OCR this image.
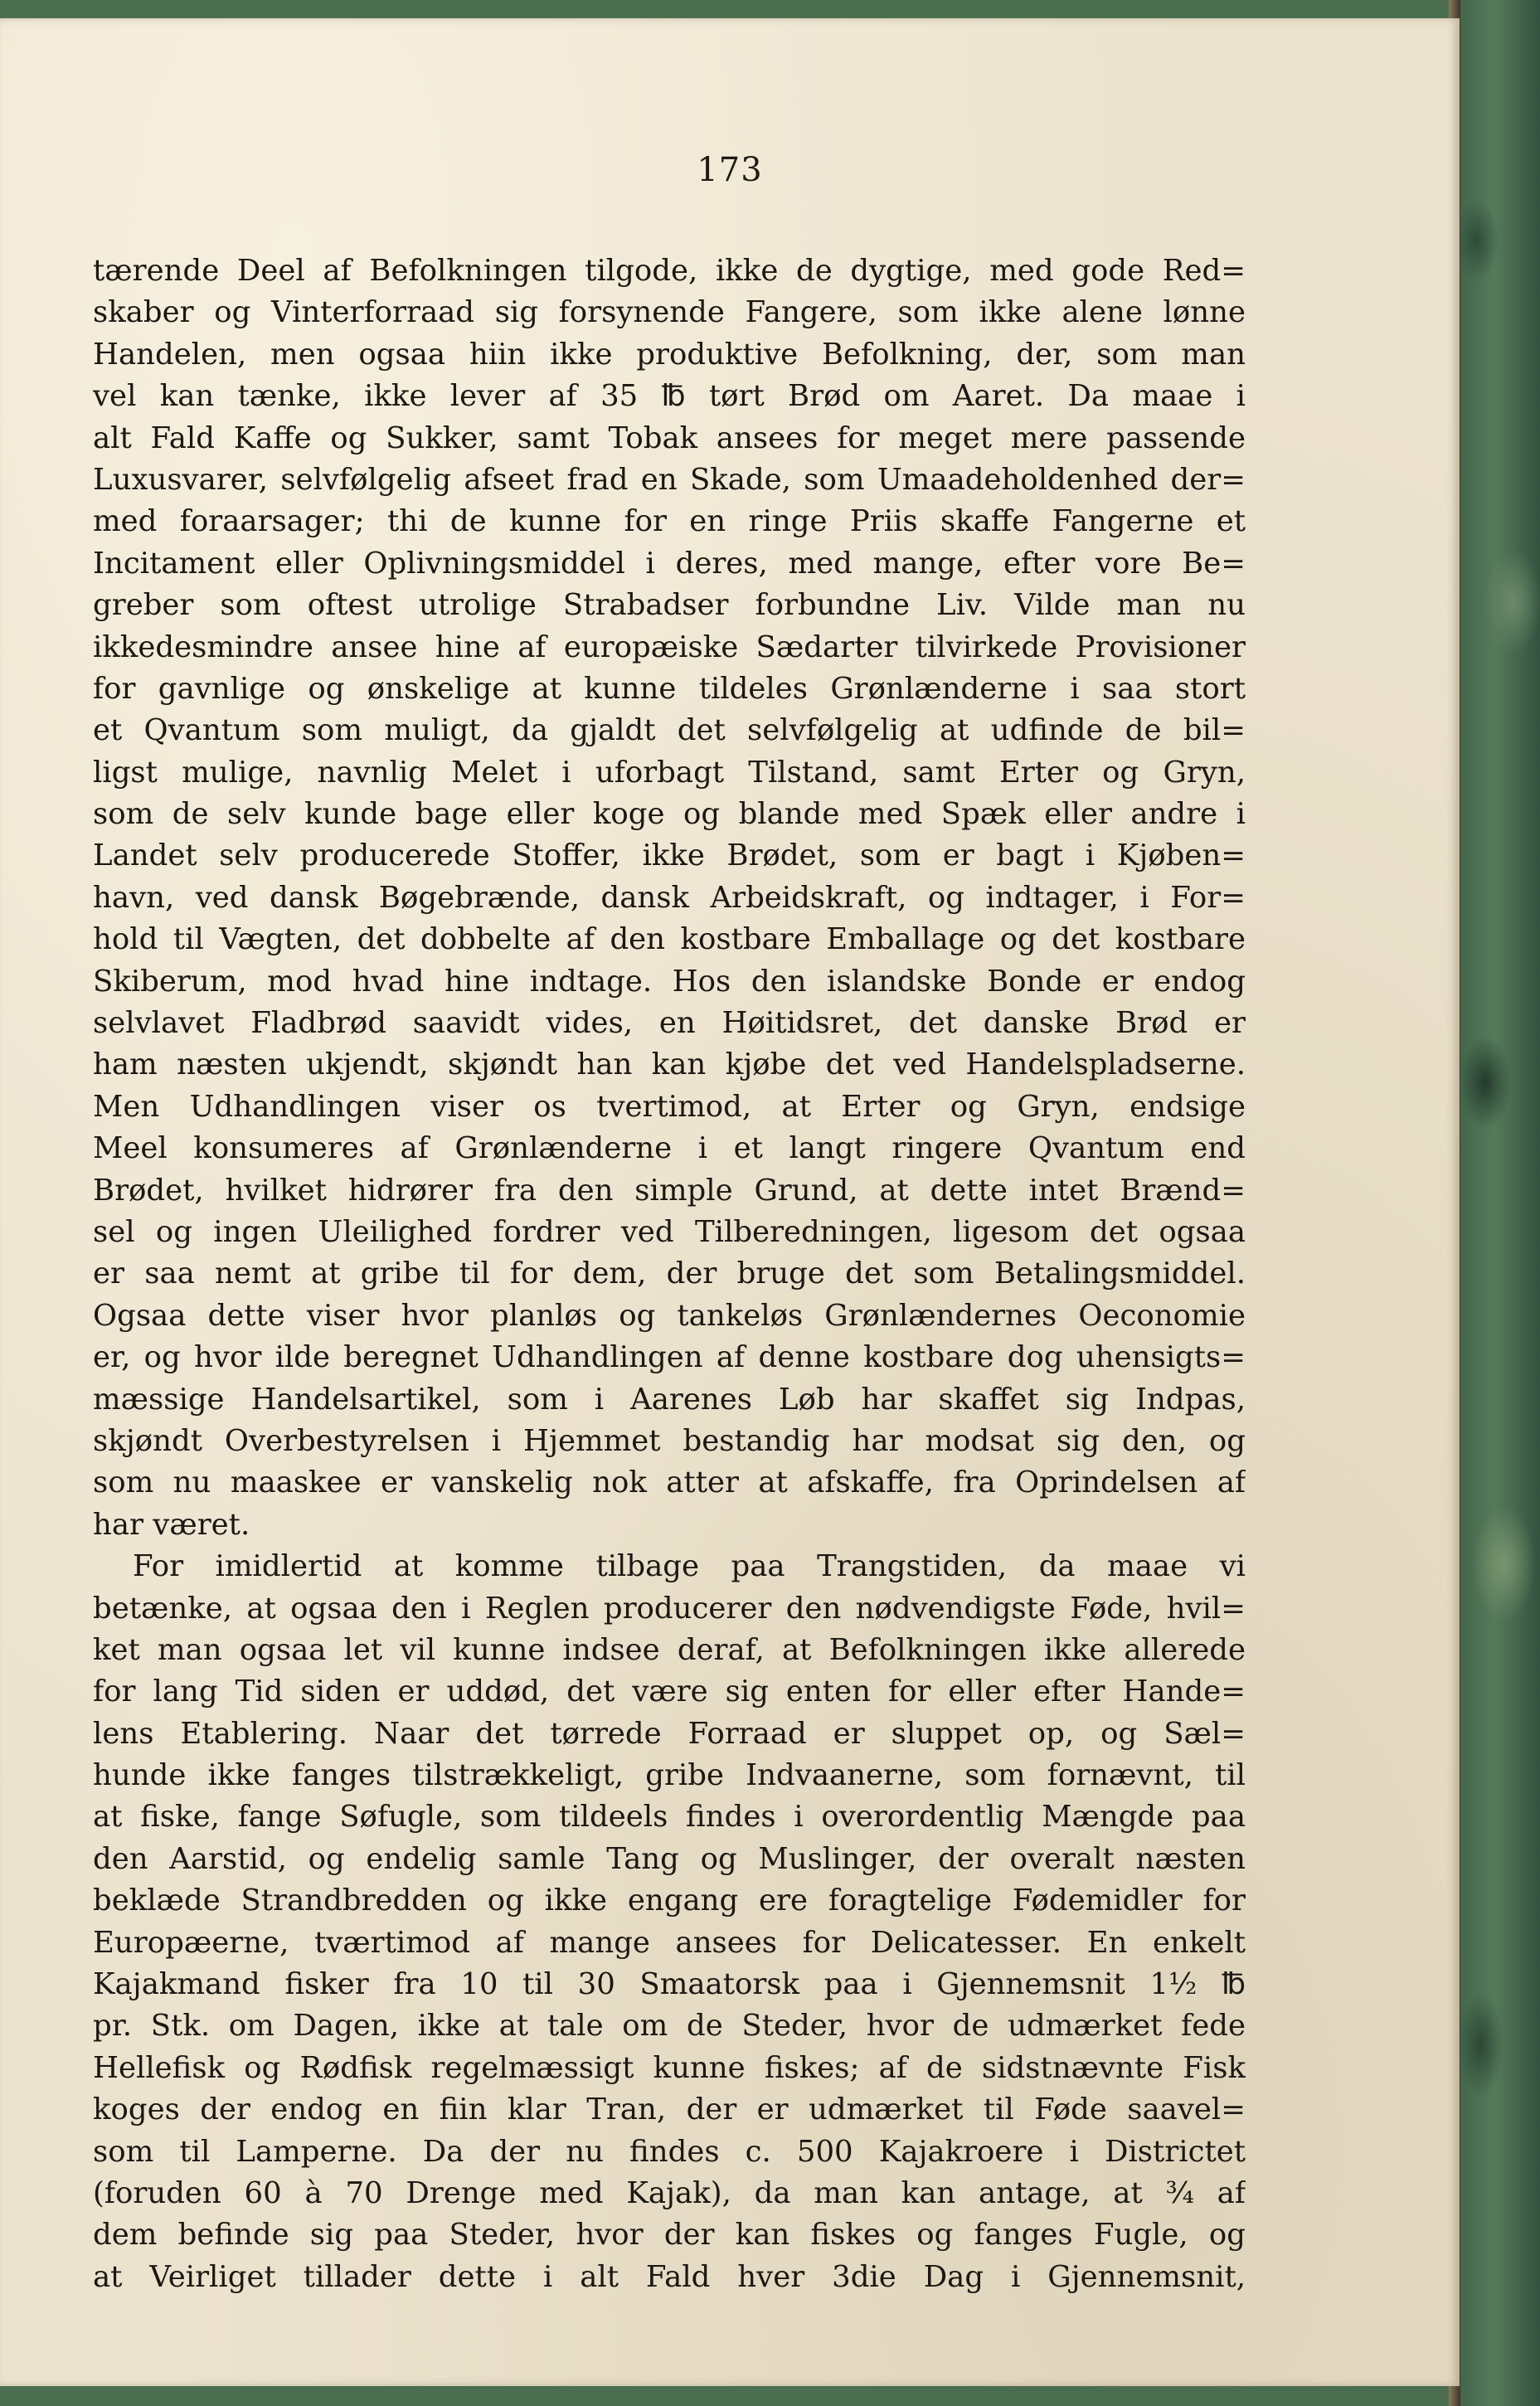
173
tærende Deel af Befolkningen tilgode, ikke de dygtige, med gode Red=
skaber og Vinterforraad sig forsynende Fangere, som ikke alene lønne
Handelen, men ogsaa hiin ikke produktive Befolkning, der, som man
vel kan tænke, ikke lever af 35 ℔ tørt Brød om Aaret. Da maae i
alt Fald Kaffe og Sukker, samt Tobak ansees for meget mere passende
Luxusvarer, selvfølgelig afseet frad en Skade, som Umaadeholdenhed der=
med foraarsager; thi de kunne for en ringe Priis skaffe Fangerne et
Incitament eller Oplivningsmiddel i deres, med mange, efter vore Be=
greber som oftest utrolige Strabadser forbundne Liv. Vilde man nu
ikkedesmindre ansee hine af europæiske Sædarter tilvirkede Provisioner
for gavnlige og ønskelige at kunne tildeles Grønlænderne i saa stort
et Qvantum som muligt, da gjaldt det selvfølgelig at udfinde de bil=
ligst mulige, navnlig Melet i uforbagt Tilstand, samt Erter og Gryn,
som de selv kunde bage eller koge og blande med Spæk eller andre i
Landet selv producerede Stoffer, ikke Brødet, som er bagt i Kjøben=
havn, ved dansk Bøgebrænde, dansk Arbeidskraft, og indtager, i For=
hold til Vægten, det dobbelte af den kostbare Emballage og det kostbare
Skiberum, mod hvad hine indtage. Hos den islandske Bonde er endog
selvlavet Fladbrød saavidt vides, en Høitidsret, det danske Brød er
ham næsten ukjendt, skjøndt han kan kjøbe det ved Handelspladserne.
Men Udhandlingen viser os tvertimod, at Erter og Gryn, endsige
Meel konsumeres af Grønlænderne i et langt ringere Qvantum end
Brødet, hvilket hidrører fra den simple Grund, at dette intet Brænd=
sel og ingen Uleilighed fordrer ved Tilberedningen, ligesom det ogsaa
er saa nemt at gribe til for dem, der bruge det som Betalingsmiddel.
Ogsaa dette viser hvor planløs og tankeløs Grønlændernes Oeconomie
er, og hvor ilde beregnet Udhandlingen af denne kostbare dog uhensigts=
mæssige Handelsartikel, som i Aarenes Løb har skaffet sig Indpas,
skjøndt Overbestyrelsen i Hjemmet bestandig har modsat sig den, og
som nu maaskee er vanskelig nok atter at afskaffe, fra Oprindelsen af
har været.
For imidlertid at komme tilbage paa Trangstiden, da maae vi
betænke, at ogsaa den i Reglen producerer den nødvendigste Føde, hvil=
ket man ogsaa let vil kunne indsee deraf, at Befolkningen ikke allerede
for lang Tid siden er uddød, det være sig enten for eller efter Hande=
lens Etablering. Naar det tørrede Forraad er sluppet op, og Sæl=
hunde ikke fanges tilstrækkeligt, gribe Indvaanerne, som fornævnt, til
at fiske, fange Søfugle, som tildeels findes i overordentlig Mængde paa
den Aarstid, og endelig samle Tang og Muslinger, der overalt næsten
beklæde Strandbredden og ikke engang ere foragtelige Fødemidler for
Europæerne, tværtimod af mange ansees for Delicatesser. En enkelt
Kajakmand fisker fra 10 til 30 Smaatorsk paa i Gjennemsnit 1½ ℔
pr. Stk. om Dagen, ikke at tale om de Steder, hvor de udmærket fede
Hellefisk og Rødfisk regelmæssigt kunne fiskes; af de sidstnævnte Fisk
koges der endog en fiin klar Tran, der er udmærket til Føde saavel=
som til Lamperne. Da der nu findes c. 500 Kajakroere i Districtet
(foruden 60 à 70 Drenge med Kajak), da man kan antage, at ¾ af
dem befinde sig paa Steder, hvor der kan fiskes og fanges Fugle, og
at Veirliget tillader dette i alt Fald hver 3die Dag i Gjennemsnit,
